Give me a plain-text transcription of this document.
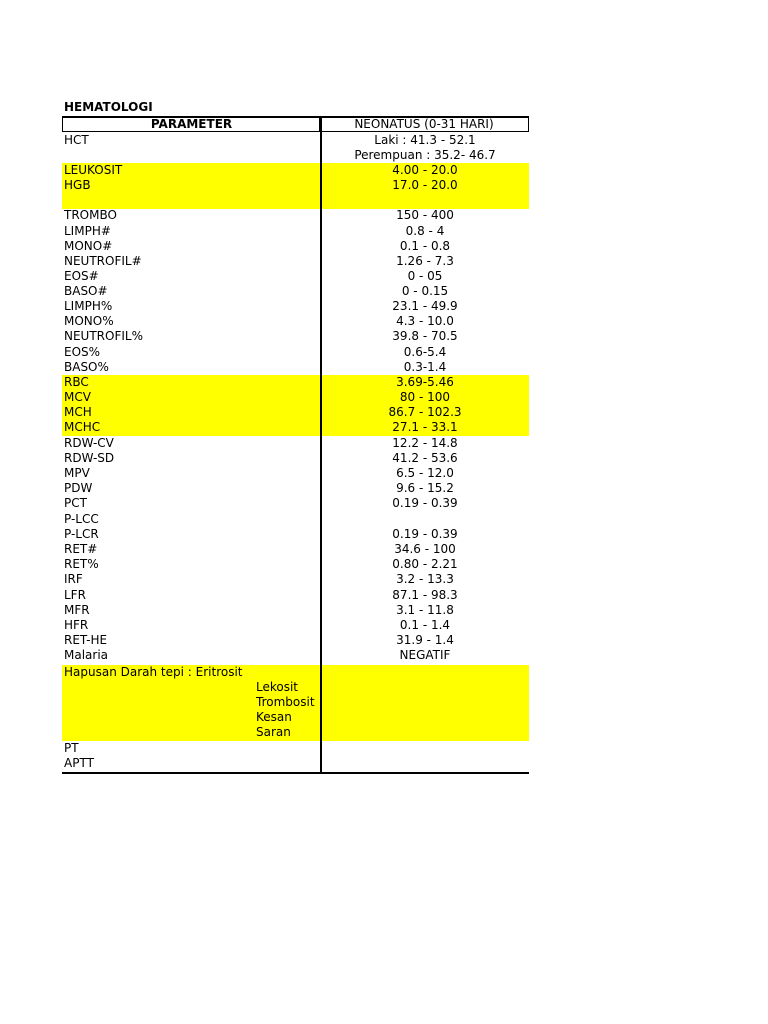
HEMATOLOGI
PARAMETER	NEONATUS (0-31 HARI)
HCT	Laki : 41.3 - 52.1
Perempuan : 35.2- 46.7
LEUKOSIT	4.00 - 20.0
HGB	17.0 - 20.0
TROMBO	150 - 400
LIMPH#	0.8 - 4
MONO#	0.1 - 0.8
NEUTROFIL#	1.26 - 7.3
EOS#	0 - 05
BASO#	0 - 0.15
LIMPH%	23.1 - 49.9
MONO%	4.3 - 10.0
NEUTROFIL%	39.8 - 70.5
EOS%	0.6-5.4
BASO%	0.3-1.4
RBC	3.69-5.46
MCV	80 - 100
MCH	86.7 - 102.3
MCHC	27.1 - 33.1
RDW-CV	12.2 - 14.8
RDW-SD	41.2 - 53.6
MPV	6.5 - 12.0
PDW	9.6 - 15.2
PCT	0.19 - 0.39
P-LCC
P-LCR	0.19 - 0.39
RET#	34.6 - 100
RET%	0.80 - 2.21
IRF	3.2 - 13.3
LFR	87.1 - 98.3
MFR	3.1 - 11.8
HFR	0.1 - 1.4
RET-HE	31.9 - 1.4
Malaria	NEGATIF
Hapusan Darah tepi : Eritrosit
Lekosit
Trombosit
Kesan
Saran
PT
APTT
